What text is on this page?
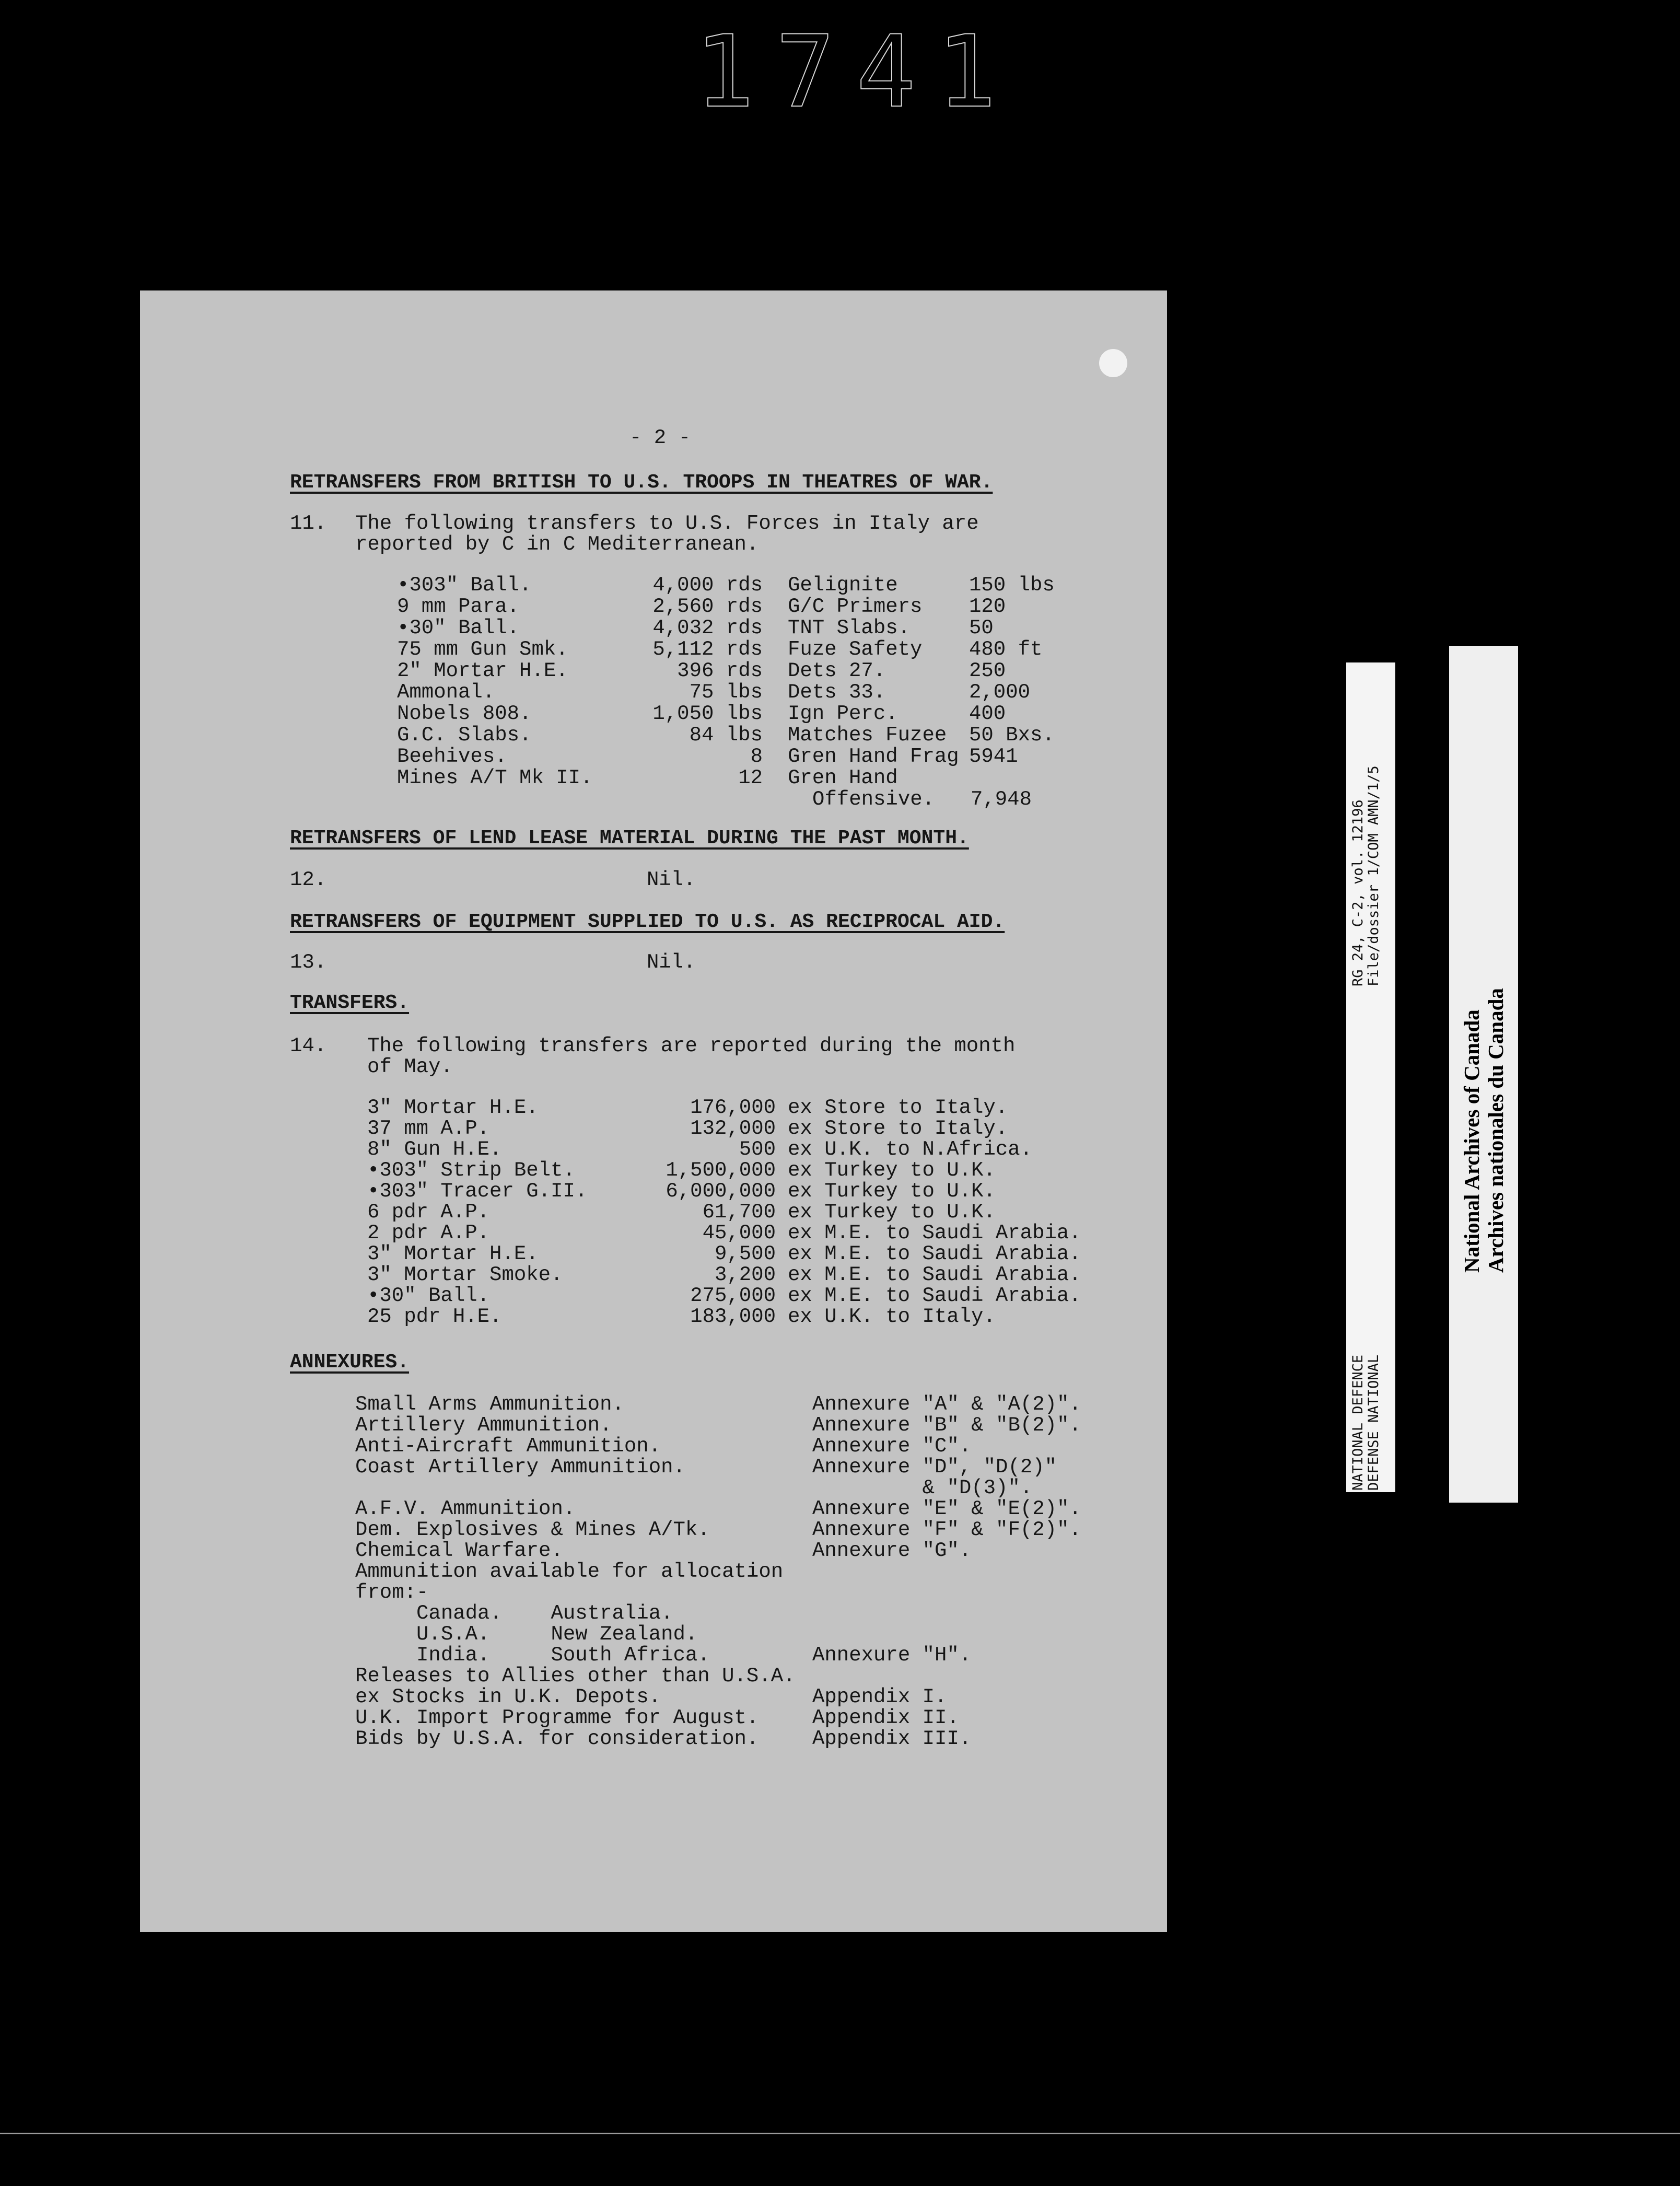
1741
- 2 -
RETRANSFERS FROM BRITISH TO U.S. TROOPS IN THEATRES OF WAR.
11. The following transfers to U.S. Forces in Italy are
reported by C in C Mediterranean.
•303" Ball.	4,000 rds Gelignite	150 lbs
9 mm Para.	2,560 rds G/C Primers 120
•30" Ball.	4,032 rds TNT Slabs.	50
75 mm Gun Smk.	5,112 rds Fuze Safety 480 ft
2" Mortar H.E.	396 rds Dets 27.	250
Ammonal.	75 lbs Dets 33.	2,000
Nobels 808.	1,050 lbs Ign Perc.	400
G.C. Slabs.	84 lbs Matches Fuzee 50 Bxs.
Beehives.	8 Gren Hand Frag 5941
Mines A/T Mk II.	12 Gren Hand
Offensive. 7,948
RETRANSFERS OF LEND LEASE MATERIAL DURING THE PAST MONTH.
12.	Nil.
RETRANSFERS OF EQUIPMENT SUPPLIED TO U.S. AS RECIPROCAL AID.
13.	Nil.
TRANSFERS.
14. The following transfers are reported during the month
of May.
3" Mortar H.E.	176,000 ex Store to Italy.
37 mm A.P.	132,000 ex Store to Italy.
8" Gun H.E.	500 ex U.K. to N.Africa.
•303" Strip Belt.	1,500,000 ex Turkey to U.K.
•303" Tracer G.II.	6,000,000 ex Turkey to U.K.
6 pdr A.P.	61,700 ex Turkey to U.K.
2 pdr A.P.	45,000 ex M.E. to Saudi Arabia.
3" Mortar H.E.	9,500 ex M.E. to Saudi Arabia.
3" Mortar Smoke.	3,200 ex M.E. to Saudi Arabia.
•30" Ball.	275,000 ex M.E. to Saudi Arabia.
25 pdr H.E.	183,000 ex U.K. to Italy.
ANNEXURES.
Small Arms Ammunition.	Annexure "A" & "A(2)".
Artillery Ammunition.	Annexure "B" & "B(2)".
Anti-Aircraft Ammunition.	Annexure "C".
Coast Artillery Ammunition.	Annexure "D", "D(2)"
& "D(3)".
A.F.V. Ammunition.	Annexure "E" & "E(2)".
Dem. Explosives & Mines A/Tk.	Annexure "F" & "F(2)".
Chemical Warfare.	Annexure "G".
Ammunition available for allocation
from:-
Canada.    Australia.
U.S.A.     New Zealand.
India.     South Africa.	Annexure "H".
Releases to Allies other than U.S.A.
ex Stocks in U.K. Depots.	Appendix I.
U.K. Import Programme for August.	Appendix II.
Bids by U.S.A. for consideration.	Appendix III.
NATIONAL DEFENCE DEFENSE NATIONAL
RG 24, C-2, vol. 12196 File/dossier 1/COM AMN/1/5
National Archives of Canada Archives nationales du Canada
